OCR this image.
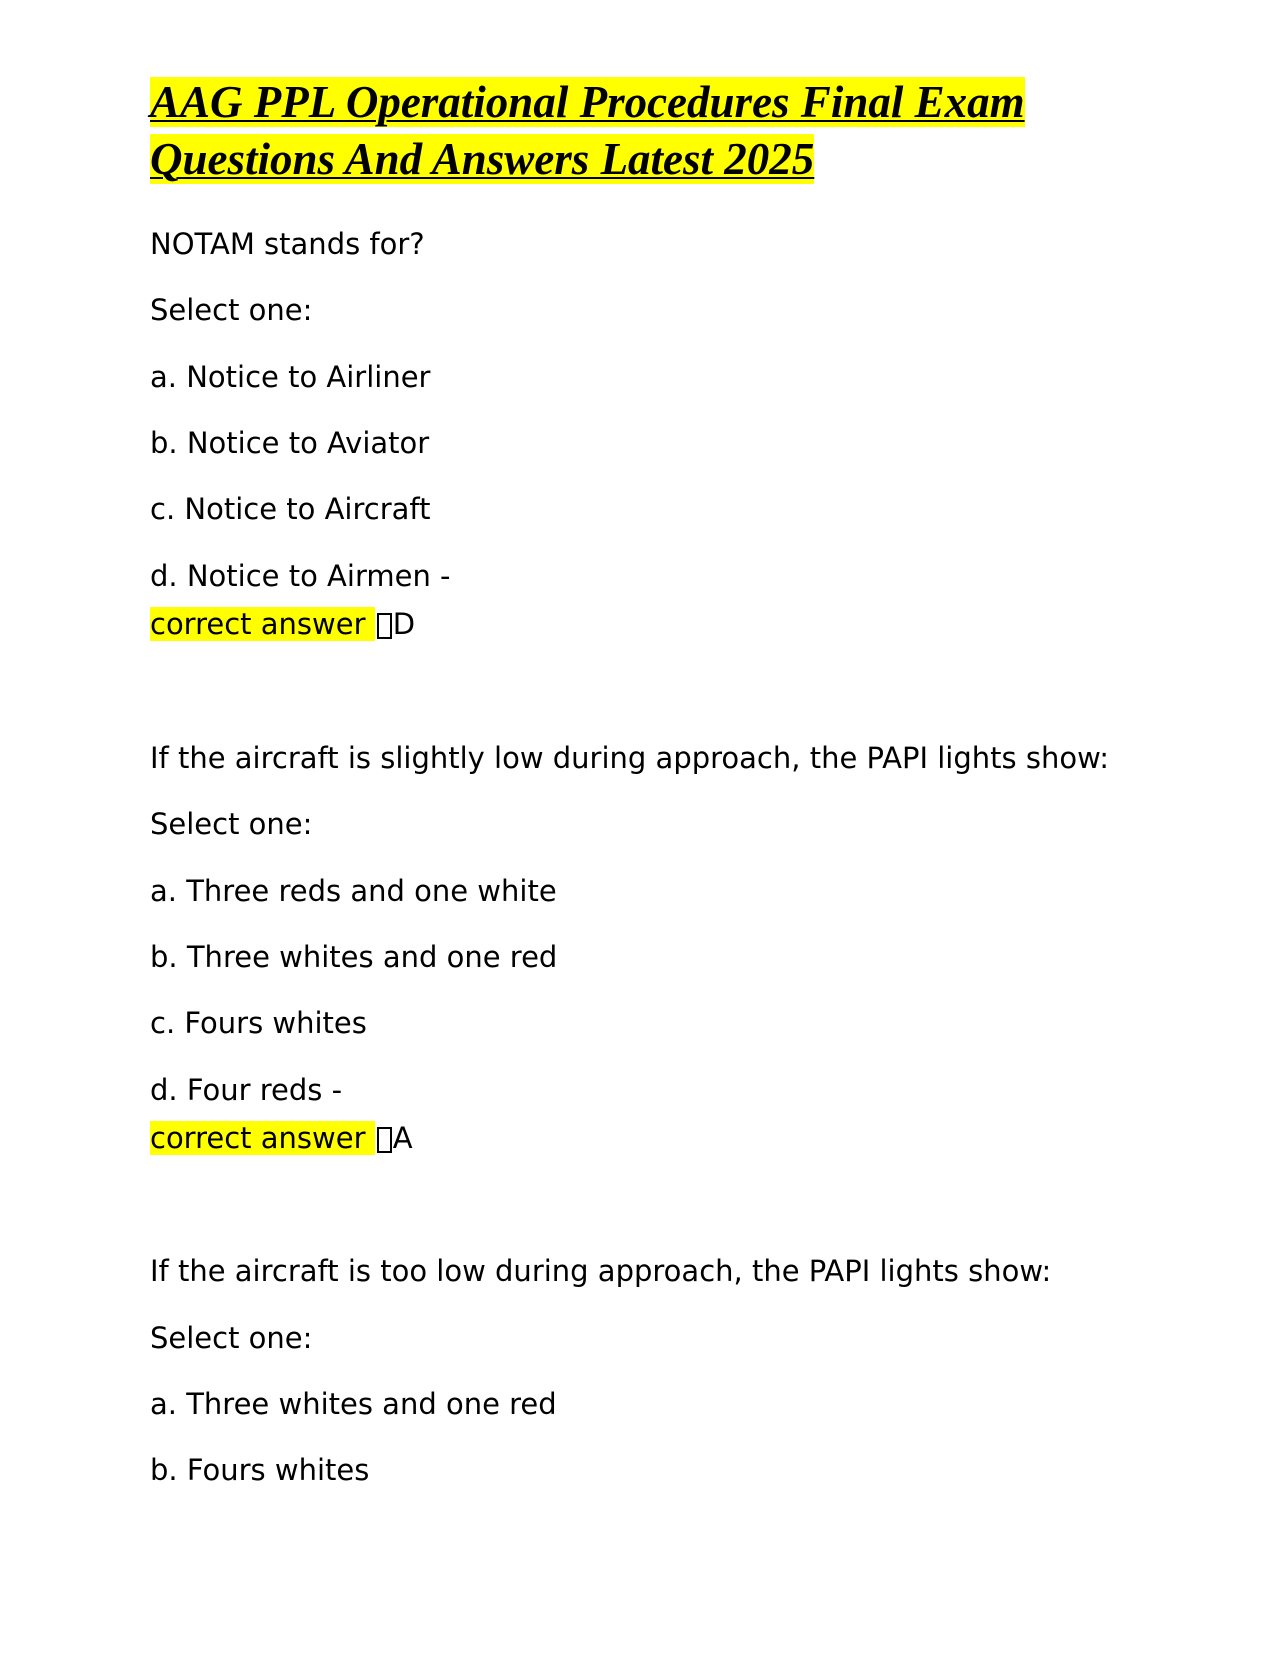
AAG PPL Operational Procedures Final Exam Questions And Answers Latest 2025

NOTAM stands for?

Select one:

a. Notice to Airliner

b. Notice to Aviator

c. Notice to Aircraft

d. Notice to Airmen -

correct answer D

If the aircraft is slightly low during approach, the PAPI lights show:

Select one:

a. Three reds and one white

b. Three whites and one red

c. Fours whites

d. Four reds -

correct answer A

If the aircraft is too low during approach, the PAPI lights show:

Select one:

a. Three whites and one red

b. Fours whites
